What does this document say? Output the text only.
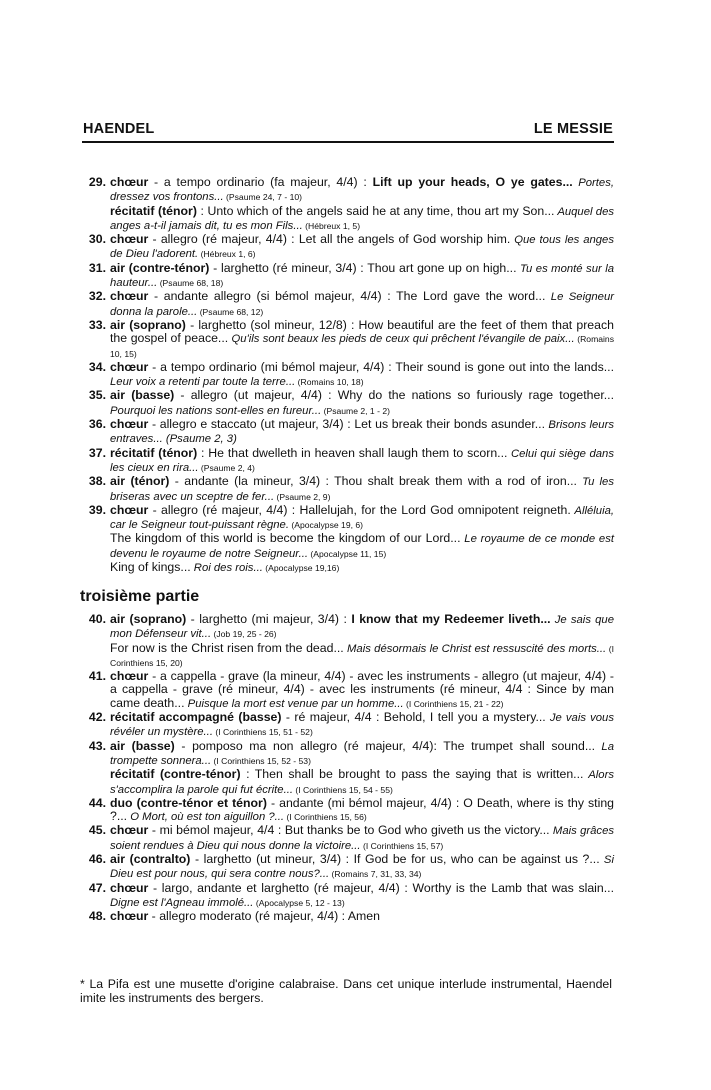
HAENDEL	LE MESSIE
29. chœur - a tempo ordinario (fa majeur, 4/4) : Lift up your heads, O ye gates... Portes, dressez vos frontons... (Psaume 24, 7 - 10)
récitatif (ténor) : Unto which of the angels said he at any time, thou art my Son... Auquel des anges a-t-il jamais dit, tu es mon Fils... (Hébreux 1, 5)
30. chœur - allegro (ré majeur, 4/4) : Let all the angels of God worship him. Que tous les anges de Dieu l'adorent. (Hébreux 1, 6)
31. air (contre-ténor) - larghetto (ré mineur, 3/4) : Thou art gone up on high... Tu es monté sur la hauteur... (Psaume 68, 18)
32. chœur - andante allegro (si bémol majeur, 4/4) : The Lord gave the word... Le Seigneur donna la parole... (Psaume 68, 12)
33. air (soprano) - larghetto (sol mineur, 12/8) : How beautiful are the feet of them that preach the gospel of peace... Qu'ils sont beaux les pieds de ceux qui prêchent l'évangile de paix... (Romains 10, 15)
34. chœur - a tempo ordinario (mi bémol majeur, 4/4) : Their sound is gone out into the lands... Leur voix a retenti par toute la terre... (Romains 10, 18)
35. air (basse) - allegro (ut majeur, 4/4) : Why do the nations so furiously rage together... Pourquoi les nations sont-elles en fureur... (Psaume 2, 1 - 2)
36. chœur - allegro e staccato (ut majeur, 3/4) : Let us break their bonds asunder... Brisons leurs entraves... (Psaume 2, 3)
37. récitatif (ténor) : He that dwelleth in heaven shall laugh them to scorn... Celui qui siège dans les cieux en rira... (Psaume 2, 4)
38. air (ténor) - andante (la mineur, 3/4) : Thou shalt break them with a rod of iron... Tu les briseras avec un sceptre de fer... (Psaume 2, 9)
39. chœur - allegro (ré majeur, 4/4) : Hallelujah, for the Lord God omnipotent reigneth. Alléluia, car le Seigneur tout-puissant règne. (Apocalypse 19, 6)
The kingdom of this world is become the kingdom of our Lord... Le royaume de ce monde est devenu le royaume de notre Seigneur... (Apocalypse 11, 15)
King of kings... Roi des rois... (Apocalypse 19,16)
troisième partie
40. air (soprano) - larghetto (mi majeur, 3/4) : I know that my Redeemer liveth... Je sais que mon Défenseur vit... (Job 19, 25 - 26)
For now is the Christ risen from the dead... Mais désormais le Christ est ressuscité des morts... (I Corinthiens 15, 20)
41. chœur - a cappella - grave (la mineur, 4/4) - avec les instruments - allegro (ut majeur, 4/4) - a cappella - grave (ré mineur, 4/4) - avec les instruments (ré mineur, 4/4 : Since by man came death... Puisque la mort est venue par un homme... (I Corinthiens 15, 21 - 22)
42. récitatif accompagné (basse) - ré majeur, 4/4 : Behold, I tell you a mystery... Je vais vous révéler un mystère... (I Corinthiens 15, 51 - 52)
43. air (basse) - pomposo ma non allegro (ré majeur, 4/4): The trumpet shall sound... La trompette sonnera... (I Corinthiens 15, 52 - 53)
récitatif (contre-ténor) : Then shall be brought to pass the saying that is written... Alors s'accomplira la parole qui fut écrite... (I Corinthiens 15, 54 - 55)
44. duo (contre-ténor et ténor) - andante (mi bémol majeur, 4/4) : O Death, where is thy sting ?... O Mort, où est ton aiguillon ?... (I Corinthiens 15, 56)
45. chœur - mi bémol majeur, 4/4 : But thanks be to God who giveth us the victory... Mais grâces soient rendues à Dieu qui nous donne la victoire... (I Corinthiens 15, 57)
46. air (contralto) - larghetto (ut mineur, 3/4) : If God be for us, who can be against us ?... Si Dieu est pour nous, qui sera contre nous?... (Romains 7, 31, 33, 34)
47. chœur - largo, andante et larghetto (ré majeur, 4/4) : Worthy is the Lamb that was slain... Digne est l'Agneau immolé... (Apocalypse 5, 12 - 13)
48. chœur - allegro moderato (ré majeur, 4/4) : Amen

* La Pifa est une musette d'origine calabraise. Dans cet unique interlude instrumental, Haendel imite les instruments des bergers.
